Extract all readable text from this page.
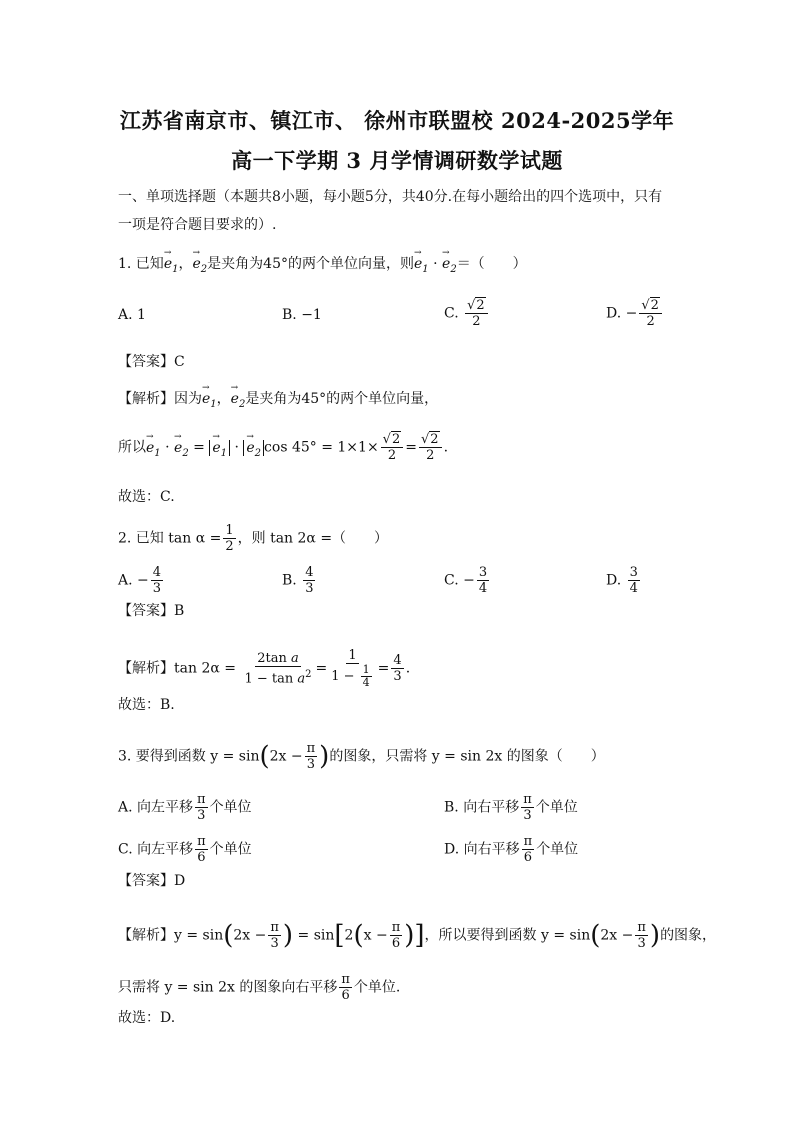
江苏省南京市、镇江市、 徐州市联盟校 2024-2025学年
高一下学期 3 月学情调研数学试题
一、单项选择题（本题共8小题，每小题5分，共40分.在每小题给出的四个选项中，只有
一项是符合题目要求的）.
1. 已知→ $e_1$，→ $e_2$是夹角为45°的两个单位向量，则→ $e_1$ · → $e_2=$（　　）
A. 1	B. −1	C. $\frac{√2}{2}$	D. − $\frac{√2}{2}$
【答案】C
【解析】因为→ $e_1$，→ $e_2$是夹角为45°的两个单位向量，
所以→ $e_1$ · → $e_2$ = → $e_1$ · → $e_2$ $\cos 45^\circ = 1\times 1\times \frac{√2}{2} = \frac{√2}{2}$ .
故选：C.
2. 已知 $\tan \alpha = \frac{1}{2}$ ，则 tan 2α =（　　）
A. − $\frac{4}{3}$	B. $\frac{4}{3}$	C. − $\frac{3}{4}$	D. $\frac{3}{4}$
【答案】B
【解析】$\tan 2\alpha = \frac{\text{2tan a}}{1 - \tan a^2} = \frac{1}{1 - \frac{1}{4}} = \frac{4}{3}$ .
故选：B.
3. 要得到函数 $y = \sin(2x - \frac{\pi}{3}$ )的图象，只需将 y = sin 2x 的图象（　　）
A. 向左平移 $\frac{\pi}{3}$ 个单位	B. 向右平移 $\frac{\pi}{3}$ 个单位
C. 向左平移 $\frac{\pi}{6}$ 个单位	D. 向右平移 $\frac{\pi}{6}$ 个单位
【答案】D
【解析】$y = \sin(2x - \frac{\pi}{3}$ ) = $\sin[2(x - \frac{\pi}{6}$ )]，所以要得到函数 $y = \sin(2x - \frac{\pi}{3}$ )的图象，
只需将 y = sin 2x 的图象向右平移 $\frac{\pi}{6}$ 个单位.
故选：D.
